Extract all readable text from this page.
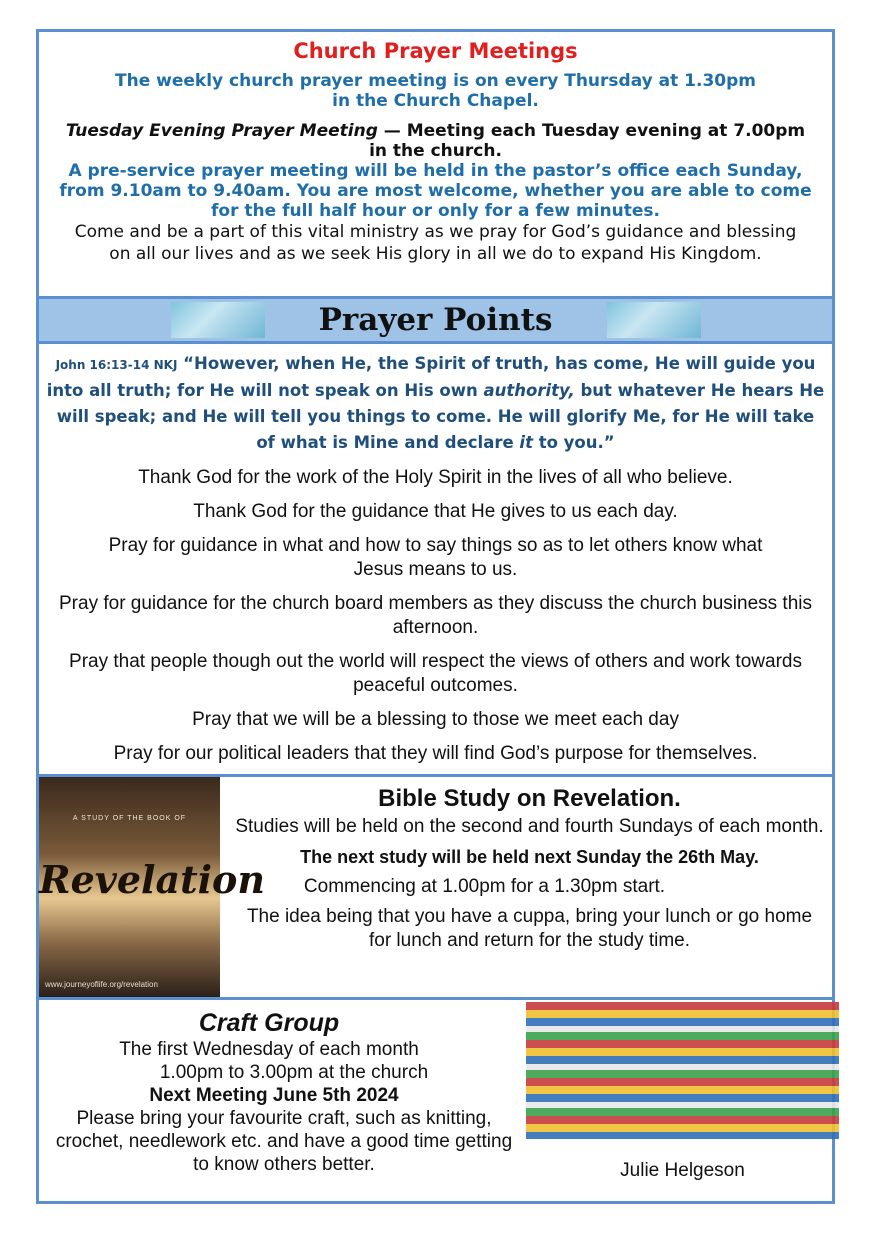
Church Prayer Meetings
The weekly church prayer meeting is on every Thursday at 1.30pm
in the Church Chapel.
Tuesday Evening Prayer Meeting — Meeting each Tuesday evening at 7.00pm
in the church.
A pre-service prayer meeting will be held in the pastor’s office each Sunday,
from 9.10am to 9.40am. You are most welcome, whether you are able to come
for the full half hour or only for a few minutes.
Come and be a part of this vital ministry as we pray for God’s guidance and blessing
on all our lives and as we seek His glory in all we do to expand His Kingdom.
Prayer Points
John 16:13-14 NKJ “However, when He, the Spirit of truth, has come, He will guide you into all truth; for He will not speak on His own authority, but whatever He hears He will speak; and He will tell you things to come. He will glorify Me, for He will take of what is Mine and declare it to you.”
Thank God for the work of the Holy Spirit in the lives of all who believe.
Thank God for the guidance that He gives to us each day.
Pray for guidance in what and how to say things so as to let others know what Jesus means to us.
Pray for guidance for the church board members as they discuss the church business this afternoon.
Pray that people though out the world will respect the views of others and work towards peaceful outcomes.
Pray that we will be a blessing to those we meet each day
Pray for our political leaders that they will find God’s purpose for themselves.
A STUDY OF THE BOOK OF
Revelation
www.journeyoflife.org/revelation
Bible Study on Revelation.
Studies will be held on the second and fourth Sundays of each month.
The next study will be held next Sunday the 26th May.
Commencing at 1.00pm for a 1.30pm start.
The idea being that you have a cuppa, bring your lunch or go home for lunch and return for the study time.
Craft Group
The first Wednesday of each month
1.00pm to 3.00pm at the church
Next Meeting June 5th 2024
Please bring your favourite craft, such as knitting, crochet, needlework etc. and have a good time getting to know others better.	Julie Helgeson
